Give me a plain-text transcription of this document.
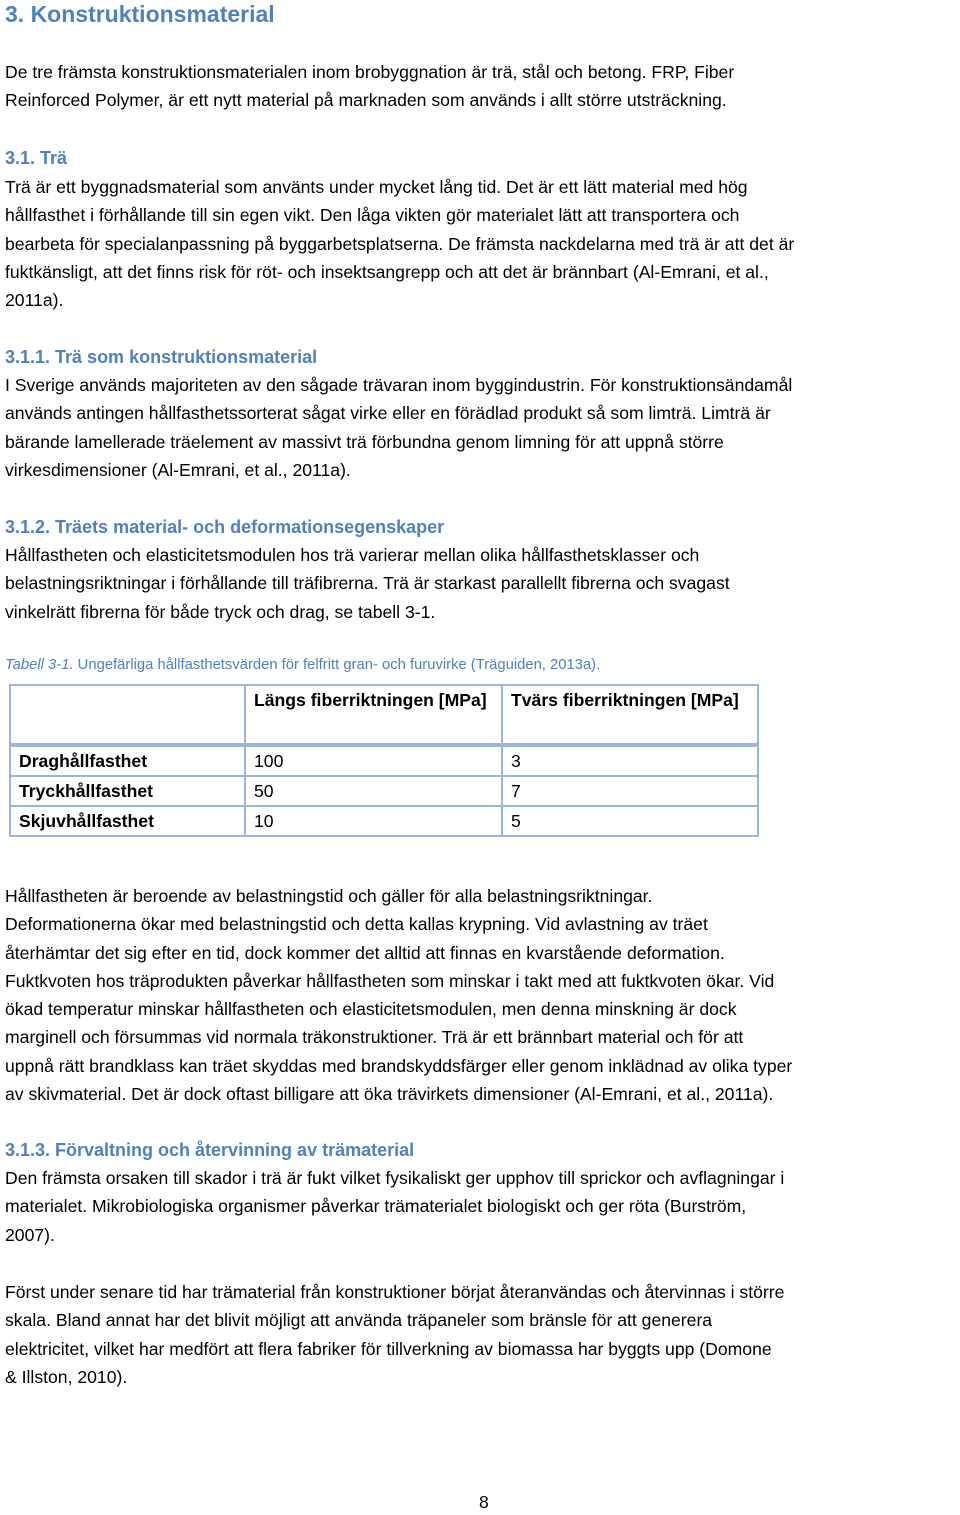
3. Konstruktionsmaterial
De tre främsta konstruktionsmaterialen inom brobyggnation är trä, stål och betong. FRP, Fiber
Reinforced Polymer, är ett nytt material på marknaden som används i allt större utsträckning.
3.1. Trä
Trä är ett byggnadsmaterial som använts under mycket lång tid. Det är ett lätt material med hög
hållfasthet i förhållande till sin egen vikt. Den låga vikten gör materialet lätt att transportera och
bearbeta för specialanpassning på byggarbetsplatserna. De främsta nackdelarna med trä är att det är
fuktkänsligt, att det finns risk för röt- och insektsangrepp och att det är brännbart (Al-Emrani, et al.,
2011a).
3.1.1. Trä som konstruktionsmaterial
I Sverige används majoriteten av den sågade trävaran inom byggindustrin. För konstruktionsändamål
används antingen hållfasthetssorterat sågat virke eller en förädlad produkt så som limträ. Limträ är
bärande lamellerade träelement av massivt trä förbundna genom limning för att uppnå större
virkesdimensioner (Al-Emrani, et al., 2011a).
3.1.2. Träets material- och deformationsegenskaper
Hållfastheten och elasticitetsmodulen hos trä varierar mellan olika hållfasthetsklasser och
belastningsriktningar i förhållande till träfibrerna. Trä är starkast parallellt fibrerna och svagast
vinkelrätt fibrerna för både tryck och drag, se tabell 3-1.
Tabell 3-1. Ungefärliga hållfasthetsvärden för felfritt gran- och furuvirke (Träguiden, 2013a).
	Längs fiberriktningen [MPa]	Tvärs fiberriktningen [MPa]
Draghållfasthet	100	3
Tryckhållfasthet	50	7
Skjuvhållfasthet	10	5
Hållfastheten är beroende av belastningstid och gäller för alla belastningsriktningar.
Deformationerna ökar med belastningstid och detta kallas krypning. Vid avlastning av träet
återhämtar det sig efter en tid, dock kommer det alltid att finnas en kvarstående deformation.
Fuktkvoten hos träprodukten påverkar hållfastheten som minskar i takt med att fuktkvoten ökar. Vid
ökad temperatur minskar hållfastheten och elasticitetsmodulen, men denna minskning är dock
marginell och försummas vid normala träkonstruktioner. Trä är ett brännbart material och för att
uppnå rätt brandklass kan träet skyddas med brandskyddsfärger eller genom inklädnad av olika typer
av skivmaterial. Det är dock oftast billigare att öka trävirkets dimensioner (Al-Emrani, et al., 2011a).
3.1.3. Förvaltning och återvinning av trämaterial
Den främsta orsaken till skador i trä är fukt vilket fysikaliskt ger upphov till sprickor och avflagningar i
materialet. Mikrobiologiska organismer påverkar trämaterialet biologiskt och ger röta (Burström,
2007).
Först under senare tid har trämaterial från konstruktioner börjat återanvändas och återvinnas i större
skala. Bland annat har det blivit möjligt att använda träpaneler som bränsle för att generera
elektricitet, vilket har medfört att flera fabriker för tillverkning av biomassa har byggts upp (Domone
& Illston, 2010).
8
